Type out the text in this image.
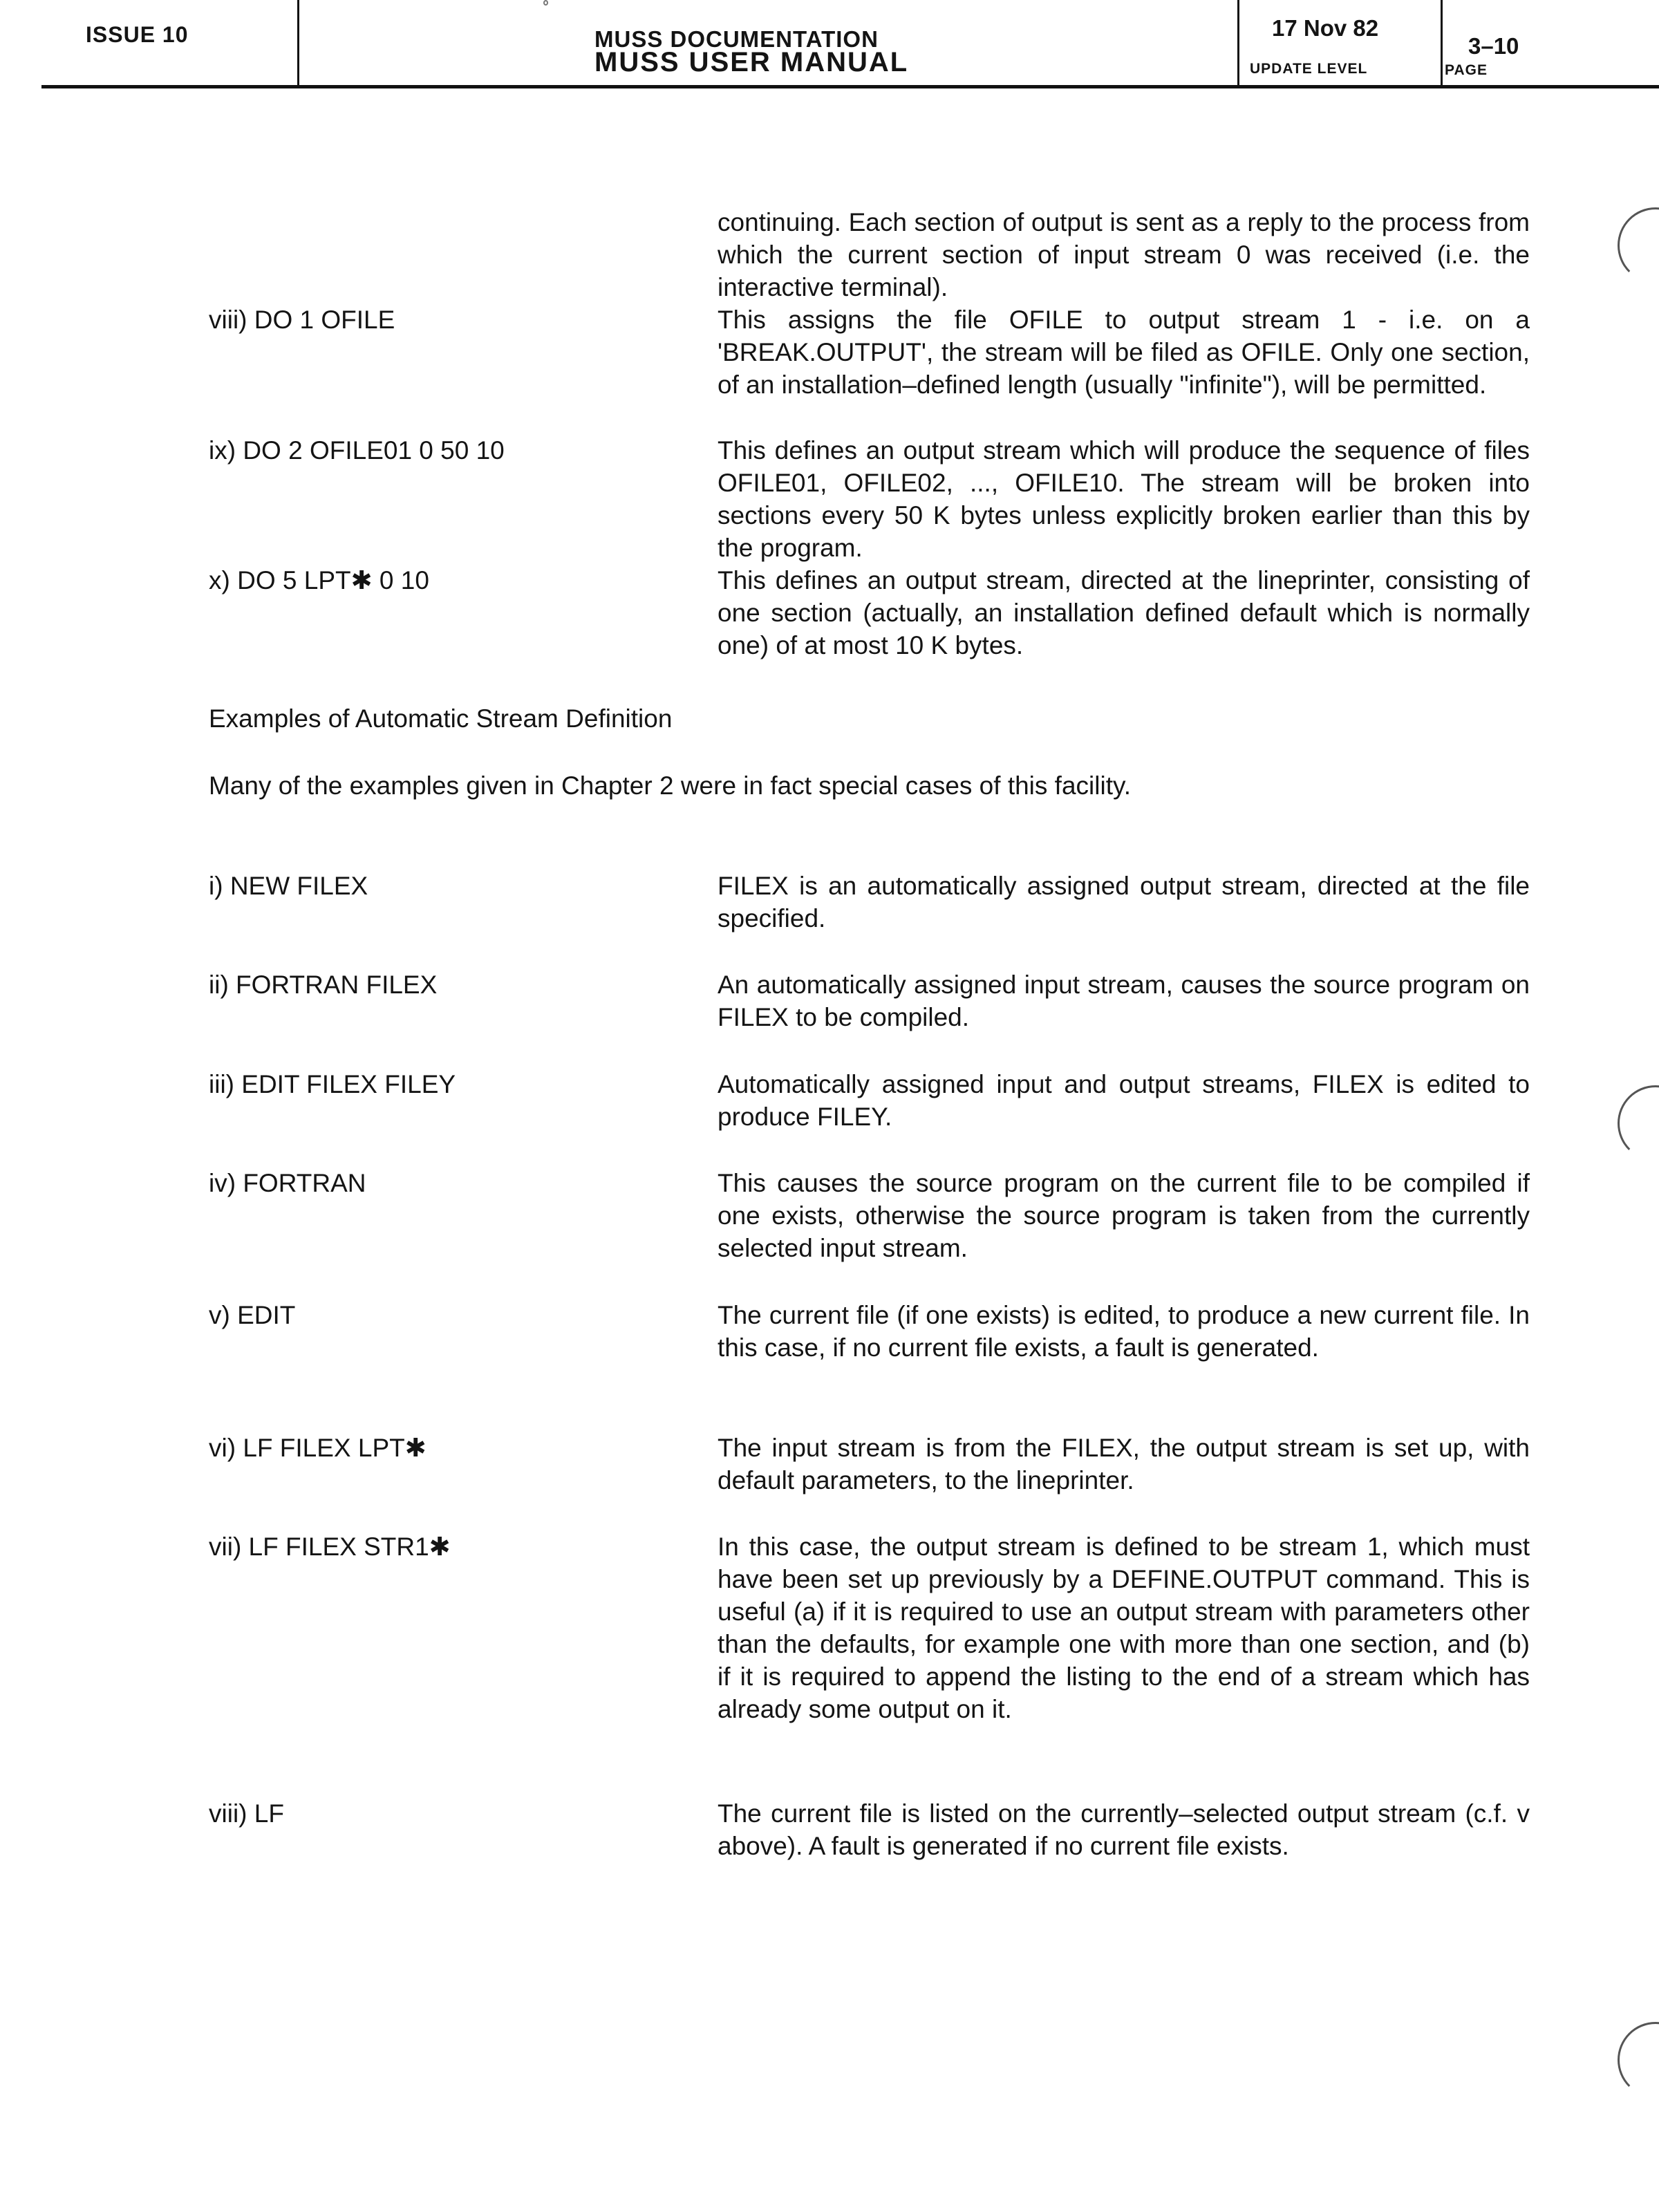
ISSUE 10	MUSS DOCUMENTATION
MUSS USER MANUAL
17 Nov 82
UPDATE LEVEL
3–10
PAGE
continuing. Each section of output is sent as a reply to the process from which the current section of input stream 0 was received (i.e. the interactive terminal).
viii) DO 1 OFILE	This assigns the file OFILE to output stream 1 - i.e. on a 'BREAK.OUTPUT', the stream will be filed as OFILE. Only one section, of an installation–defined length (usually "infinite"), will be permitted.
ix) DO 2 OFILE01 0 50 10	This defines an output stream which will produce the sequence of files OFILE01, OFILE02, ..., OFILE10. The stream will be broken into sections every 50 K bytes unless explicitly broken earlier than this by the program.
x) DO 5 LPT✱ 0 10	This defines an output stream, directed at the lineprinter, consisting of one section (actually, an installation defined default which is normally one) of at most 10 K bytes.
Examples of Automatic Stream Definition
Many of the examples given in Chapter 2 were in fact special cases of this facility.
i) NEW FILEX	FILEX is an automatically assigned output stream, directed at the file specified.
ii) FORTRAN FILEX	An automatically assigned input stream, causes the source program on FILEX to be compiled.
iii) EDIT FILEX FILEY	Automatically assigned input and output streams, FILEX is edited to produce FILEY.
iv) FORTRAN	This causes the source program on the current file to be compiled if one exists, otherwise the source program is taken from the currently selected input stream.
v) EDIT	The current file (if one exists) is edited, to produce a new current file. In this case, if no current file exists, a fault is generated.
vi) LF FILEX LPT✱	The input stream is from the FILEX, the output stream is set up, with default parameters, to the lineprinter.
vii) LF FILEX STR1✱	In this case, the output stream is defined to be stream 1, which must have been set up previously by a DEFINE.OUTPUT command. This is useful (a) if it is required to use an output stream with parameters other than the defaults, for example one with more than one section, and (b) if it is required to append the listing to the end of a stream which has already some output on it.
viii) LF	The current file is listed on the currently–selected output stream (c.f. v above). A fault is generated if no current file exists.
